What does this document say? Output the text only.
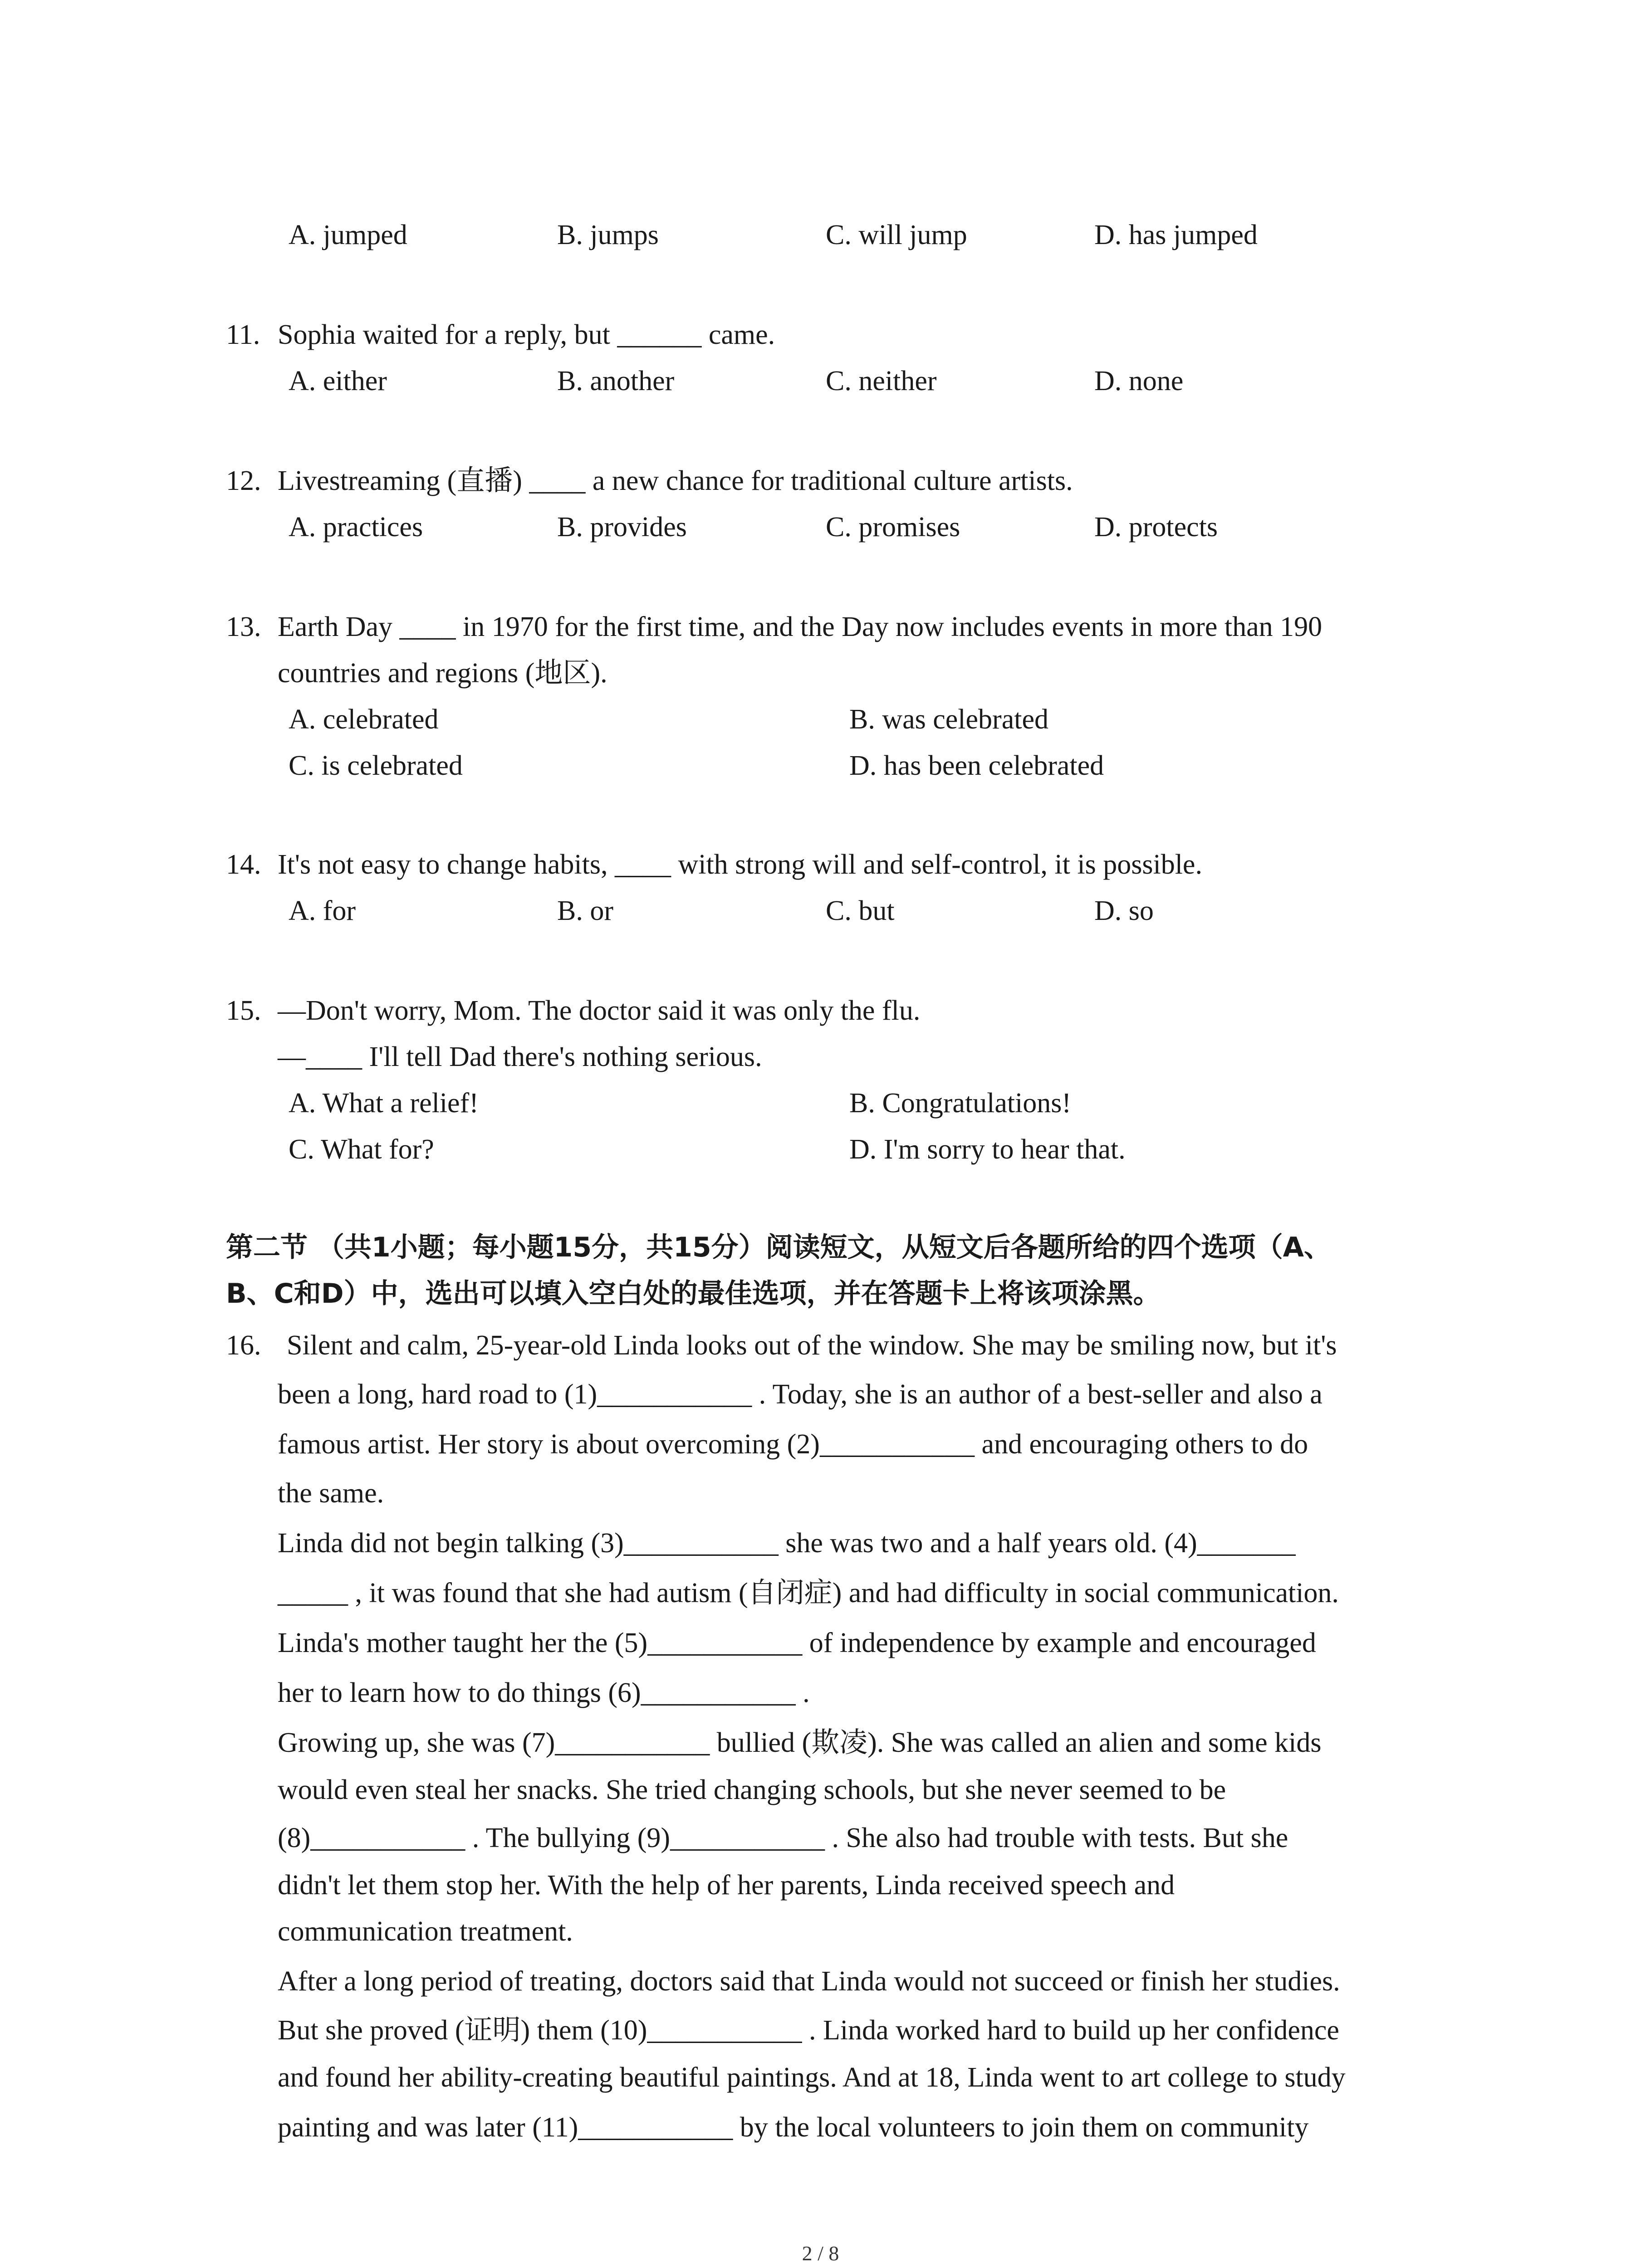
A. jumped	B. jumps	C. will jump	D. has jumped
11. Sophia waited for a reply, but ______ came.
A. either	B. another	C. neither	D. none
12. Livestreaming (直播) ____ a new chance for traditional culture artists.
A. practices	B. provides	C. promises	D. protects
13. Earth Day ____ in 1970 for the first time, and the Day now includes events in more than 190
countries and regions (地区).
A. celebrated	B. was celebrated
C. is celebrated	D. has been celebrated
14. It's not easy to change habits, ____ with strong will and self-control, it is possible.
A. for	B. or	C. but	D. so
15. —Don't worry, Mom. The doctor said it was only the flu.
—____ I'll tell Dad there's nothing serious.
A. What a relief!	B. Congratulations!
C. What for?	D. I'm sorry to hear that.
第二节 （共1小题；每小题15分，共15分）阅读短文，从短文后各题所给的四个选项（A、
B、C和D）中，选出可以填入空白处的最佳选项，并在答题卡上将该项涂黑。
16. Silent and calm, 25-year-old Linda looks out of the window. She may be smiling now, but it's
been a long, hard road to (1)___________ . Today, she is an author of a best-seller and also a
famous artist. Her story is about overcoming (2)___________ and encouraging others to do
the same.
Linda did not begin talking (3)___________ she was two and a half years old. (4)_______
_____ , it was found that she had autism (自闭症) and had difficulty in social communication.
Linda's mother taught her the (5)___________ of independence by example and encouraged
her to learn how to do things (6)___________ .
Growing up, she was (7)___________ bullied (欺凌). She was called an alien and some kids
would even steal her snacks. She tried changing schools, but she never seemed to be
(8)___________ . The bullying (9)___________ . She also had trouble with tests. But she
didn't let them stop her. With the help of her parents, Linda received speech and
communication treatment.
After a long period of treating, doctors said that Linda would not succeed or finish her studies.
But she proved (证明) them (10)___________ . Linda worked hard to build up her confidence
and found her ability-creating beautiful paintings. And at 18, Linda went to art college to study
painting and was later (11)___________ by the local volunteers to join them on community
2 / 8
